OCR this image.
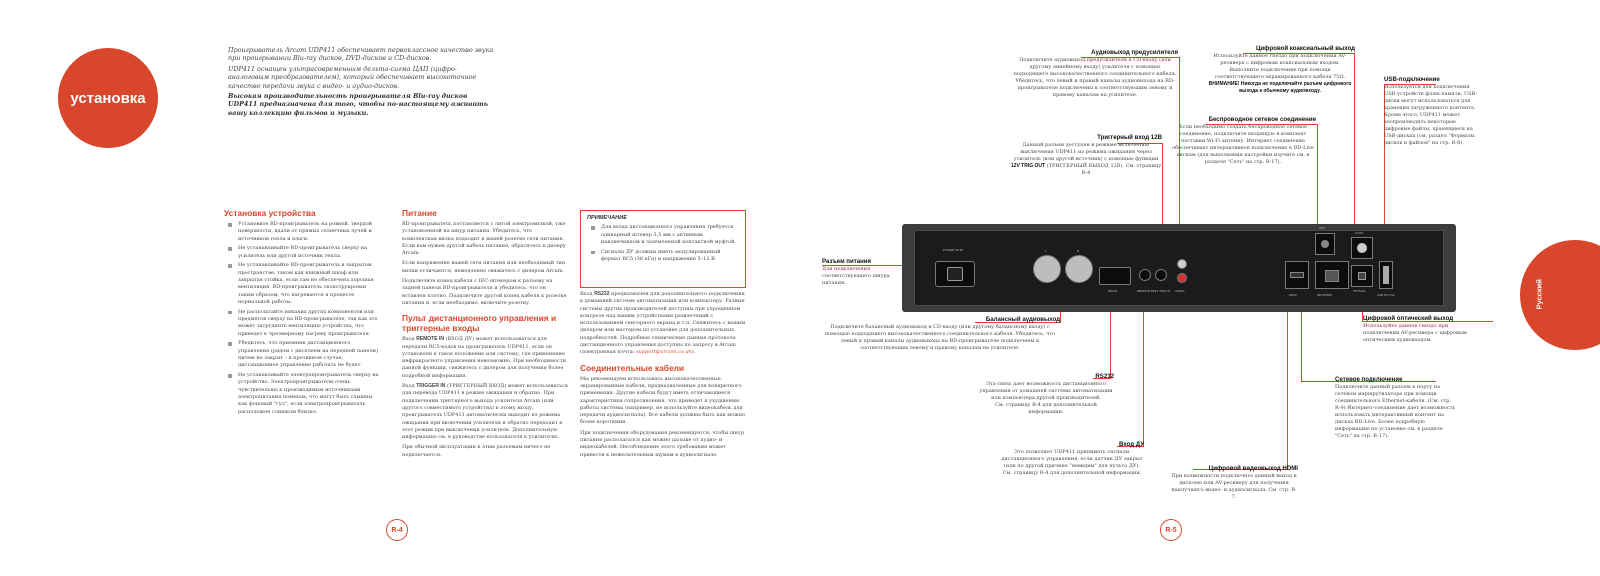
установка

Проигрыватель Arcam UDP411 обеспечивает первоклассное качество звука при проигрывании Blu-ray дисков, DVD-дисков и CD-дисков.

UDP411 оснащен ультрасовременным дельта-сигма ЦАП (цифро-аналоговым преобразователем), который обеспечивает высокоточное качество передачи звука с видео- и аудио-дисков.

Высокая производительность проигрывателя Blu-ray дисков UDP411 предназначена для того, чтобы по-настоящему оживить вашу коллекцию фильмов и музыки.

Установка устройства
Установите BD-проигрыватель на ровной, твердой поверхности, вдали от прямых солнечных лучей и источников тепла и влаги.
Не устанавливайте BD-проигрыватель сверху на усилитель или другой источник тепла.
Не устанавливайте BD-проигрыватель в закрытом пространстве, таком как книжный шкаф или закрытая стойка, если там не обеспечена хорошая вентиляция. BD-проигрыватель сконструирован таким образом, что нагревается в процессе нормальной работы.
Не располагайте никаких других компонентов или предметов сверху на BD-проигрывателе, так как это может затруднить вентиляцию устройства, что приведет к чрезмерному нагреву проигрывателя.
Убедитесь, что приемник дистанционного управления (рядом с дисплеем на передней панели) ничем не закрыт – в противном случае, дистанционное управление работать не будет.
Не устанавливайте электропроигрыватель сверху на устройство. Электропроигрыватели очень чувствительны к производимым источниками электропитания помехам, что могут быть слышны как фоновый "гул", если электропроигрыватель расположен слишком близко.
Питание

BD-проигрыватель поставляется с литой электровилкой, уже установленной на шнур питания. Убедитесь, что комплектная вилка подходит к вашей розетке сети питания. Если вам нужен другой кабель питания, обратитесь к дилеру Arcam.

Если напряжение вашей сети питания или необходимый тип вилки отличаются, немедленно свяжитесь с дилером Arcam.

Подключите конец кабеля с IEC-штекером к разъему на задней панели BD-проигрывателя и убедитесь, что он вставлен плотно. Подключите другой конец кабеля к розетке питания и, если необходимо, включите розетку.

Пульт дистанционного управления и триггерные входы

Вход REMOTE IN (ВХОД ДУ) может использоваться для передачи RC5-кодов на проигрыватель UDP411, если он установлен в такое положение или систему, где применение инфракрасного управления невозможно. При необходимости данной функции, свяжитесь с дилером для получения более подробной информации.

Вход TRIGGER IN (ТРИГГЕРНЫЙ ВХОД) может использоваться для перевода UDP411 в режим ожидания и обратно. При подключении триггерного выхода усилителя Arcam (или другого совместимого устройства) к этому входу, проигрыватель UDP411 автоматически выходит из режима ожидания при включении усилителя и обратно переходит в этот режим при выключении усилителя. Дополнительную информацию см. в руководстве пользователя к усилителю.

При обычной эксплуатации к этим разъемам ничего не подключается.

ПРИМЕЧАНИЕ
Для входа дистанционного управления требуется одинарный штекер 3,5 мм с активным наконечником и заземленной контактной муфтой.
Сигналы ДУ должны иметь модулированный формат RC5 (36 кГц) и напряжение 5–12 В.

Вход RS232 предназначен для дополнительного подключения к домашней системе автоматизации или компьютеру. Разные системы других производителей доступны при упрощенном контроле над вашим устройствами развлечений с использованием сенсорного экрана и т.п. Свяжитесь с вашим дилером или мастером по установке для дополнительных подробностей. Подробные технические данные протокола дистанционного управления доступны по запросу в Arcam (электронная почта: support@arcam.co.uk).

Соединительные кабели

Мы рекомендуем использовать высококачественные экранированные кабели, предназначенные для конкретного применения. Другие кабели будут иметь отличающиеся характеристики сопротивления, что приведет к ухудшению работы системы (например, не используйте видеокабель для передачи аудиосигнала). Все кабели должны быть как можно более короткими.

При подключении оборудования рекомендуется, чтобы шнур питания располагался как можно дальше от аудио- и видеокабелей. Несоблюдение этого требования может привести к нежелательным шумам в аудиосигнале.

R-4
Аудиовыход предусилителя
Подключите аудиовыход предусилителя к CD-входу (или другому линейному входу) усилителя с помощью подходящего высококачественного соединительного кабеля. Убедитесь, что левый и правый каналы аудиовыхода на BD-проигрывателе подключены к соответствующим левому и правому каналам на усилителе.
Триггерный вход 12В
Данный разъем доступен в режиме включения/выключения UDP411 из режима ожидания через усилитель (или другой источник) с помощью функции 12V TRIG OUT (ТРИГГЕРНЫЙ ВЫХОД 12В). См. страницу R-4
Цифровой коаксиальный выход
Используйте данное гнездо при подключении AV-ресивера с цифровым коаксиальным входом. Выполните подключение при помощи соответствующего экранированного кабеля 75Ω.
ВНИМАНИЕ! Никогда не подключайте разъем цифрового выхода к обычному аудиовходу.
Беспроводное сетевое соединение
Если необходимо создать беспроводное сетевое соединение, подключите входящую в комплект поставки Wi-Fi антенну. Интернет соединение обеспечивает интерактивное подключение к BD-Live дискам (для выполнения настройки изучите см. в разделе "Сеть" на стр. R-17).
USB-подключение
Используется для подключения USB-устройств флэш-памяти. USB-диски могут использоваться для хранения загруженного контента. Кроме этого, UDP411 может воспроизводить некоторые цифровые файлы, хранящиеся на USB-дисках (см. раздел "Форматы дисков и файлов" на стр. R-8).
Разъем питания
Для подключения соответствующего шнура питания.
Балансный аудиовыход
Подключите балансный аудиовыход к CD-входу (или другому балансному входу) с помощью подходящего высококачественного соединительного кабеля. Убедитесь, что левый и правый каналы аудиовыхода на BD-проигрывателе подключены к соответствующим левому и правому каналам на усилителе.
Цифровой оптический выход
Используйте данное гнездо при подключении AV-ресивера с цифровым оптическим аудиовходом.
RS232
Эта связь дает возможность дистанционного управления от домашней системы автоматизации или компьютера другой производителей.
См. страницу R-4 для дополнительной информации.
Сетевое подключение
Подключите данный разъем к порту на сетевом маршрутизаторе при помощи соединительного Ethernet-кабеля. (См. стр. R-9) Интернет-соединение дает возможность использовать интерактивный контент на дисках BD-Live. Более подробную информацию по установке см. в разделе "Сеть" на стр. R-17).
Вход ДУ
Это позволяет UDP411 принимать сигналы дистанционного управления, если датчик ДУ закрыт (или по другой причине "невидим" для пульта ДУ).
См. страницу R-4 для дополнительной информации.
Цифровой видеовыход HDMI
При возможности подключите данный выход к дисплею или AV-ресиверу для получения наилучшего видео- и аудиосигнала. См. стр. R-7.
POWER INLET	L	R
RS232	REMOTE IN 12V TRIG IN AUDIO
HDMI	NETWORK
ANT
COAX
OPTICAL
USB 5V 0.5A
R-5
Русский
